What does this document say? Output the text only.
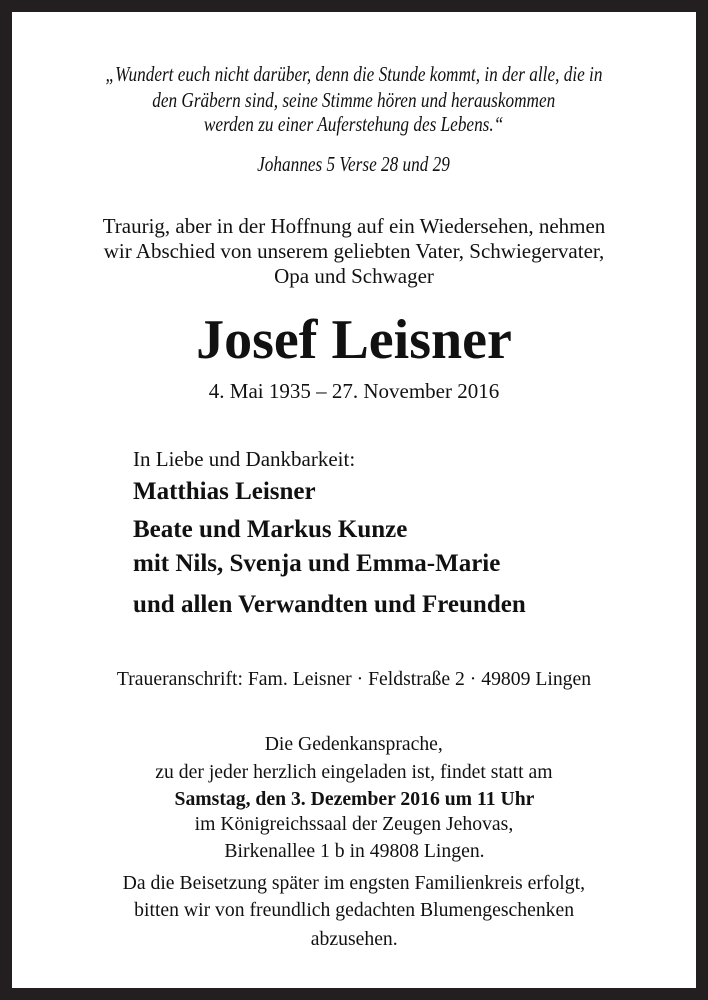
„Wundert euch nicht darüber, denn die Stunde kommt, in der alle, die in
den Gräbern sind, seine Stimme hören und herauskommen
werden zu einer Auferstehung des Lebens.“
Johannes 5 Verse 28 und 29
Traurig, aber in der Hoffnung auf ein Wiedersehen, nehmen
wir Abschied von unserem geliebten Vater, Schwiegervater,
Opa und Schwager
Josef Leisner
4. Mai 1935 – 27. November 2016
In Liebe und Dankbarkeit:
Matthias Leisner
Beate und Markus Kunze
mit Nils, Svenja und Emma-Marie
und allen Verwandten und Freunden
Traueranschrift: Fam. Leisner · Feldstraße 2 · 49809 Lingen
Die Gedenkansprache,
zu der jeder herzlich eingeladen ist, findet statt am
Samstag, den 3. Dezember 2016 um 11 Uhr
im Königreichssaal der Zeugen Jehovas,
Birkenallee 1 b in 49808 Lingen.
Da die Beisetzung später im engsten Familienkreis erfolgt,
bitten wir von freundlich gedachten Blumengeschenken
abzusehen.
